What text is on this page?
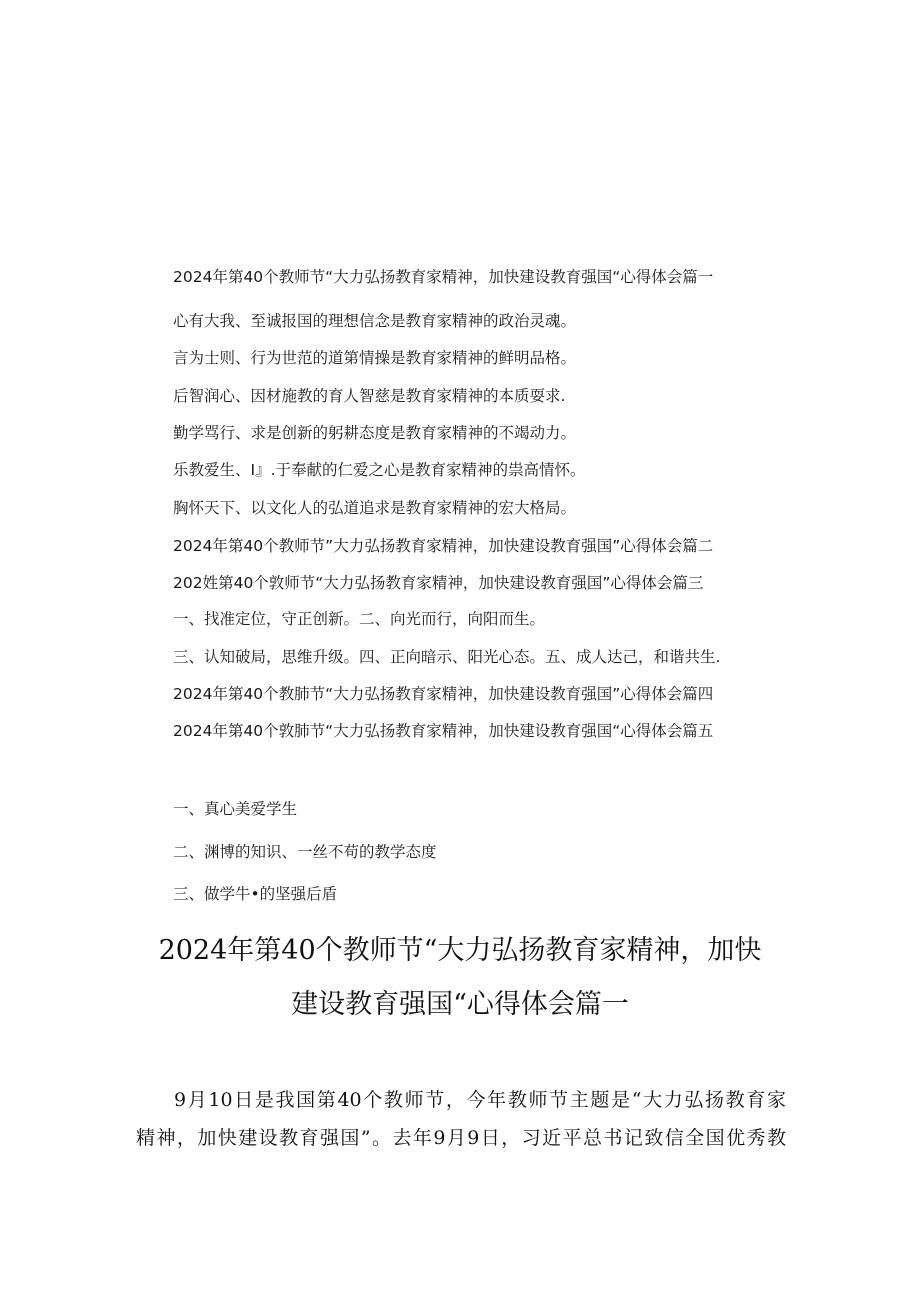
2024年第40个教师节“大力弘扬教育家精神，加快建设教育强国“心得体会篇一
心有大我、至诚报国的理想信念是教育家精神的政治灵魂。
言为士则、行为世范的道第情操是教育家精神的鲜明品格。
后智润心、因材施教的育人智慈是教育家精神的本质耍求.
勤学骂行、求是创新的躬耕态度是教育家精神的不竭动力。
乐教爱生、I』.于奉献的仁爱之心是教育家精神的祟高情怀。
胸怀天下、以文化人的弘道追求是教育家精神的宏大格局。
2024年第40个教师节”大力弘扬教育家精神，加快建设教育强国”心得体会篇二
202姓第40个敦师节“大力弘扬教育家精神，加快建设教育强国”心得体会篇三
一、找准定位，守正创新。二、向光而行，向阳而生。
三、认知破局，思维升级。四、正向暗示、阳光心态。五、成人达己，和谐共生.
2024年第40个教肺节“大力弘扬教育家精神，加快建设教育强国”心得体会篇四
2024年第40个敦肺节“大力弘扬教育家精神，加快建设教育强国“心得体会篇五
一、真心美爱学生
二、渊博的知识、一丝不苟的教学态度
三、做学牛•的坚强后盾
2024年第40个教师节“大力弘扬教育家精神，加快
建设教育强国“心得体会篇一
9月10日是我国第40个教师节，今年教师节主题是“大力弘扬教育家
精神，加快建设教育强国”。去年9月9日，习近平总书记致信全国优秀教
